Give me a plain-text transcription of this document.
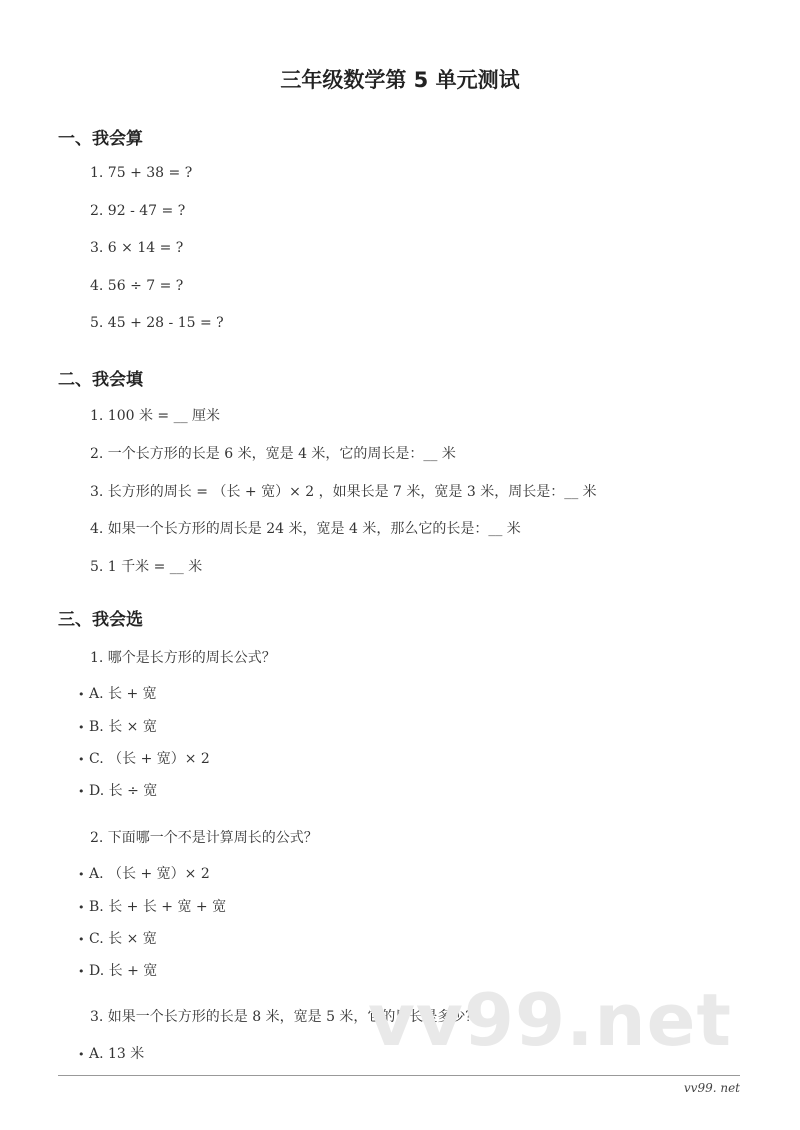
三年级数学第 5 单元测试
一、我会算
1. 75 + 38 = ?
2. 92 - 47 = ?
3. 6 × 14 = ?
4. 56 ÷ 7 = ?
5. 45 + 28 - 15 = ?
二、我会填
1. 100 米 = __ 厘米
2. 一个长方形的长是 6 米，宽是 4 米，它的周长是：__ 米
3. 长方形的周长 = （长 + 宽）× 2 ，如果长是 7 米，宽是 3 米，周长是：__ 米
4. 如果一个长方形的周长是 24 米，宽是 4 米，那么它的长是：__ 米
5. 1 千米 = __ 米
三、我会选
1. 哪个是长方形的周长公式？
• A. 长 + 宽
• B. 长 × 宽
• C. （长 + 宽）× 2
• D. 长 ÷ 宽
2. 下面哪一个不是计算周长的公式？
• A. （长 + 宽）× 2
• B. 长 + 长 + 宽 + 宽
• C. 长 × 宽
• D. 长 + 宽
3. 如果一个长方形的长是 8 米，宽是 5 米，它的周长是多少？
• A. 13 米	vv99.net
vv99. net
